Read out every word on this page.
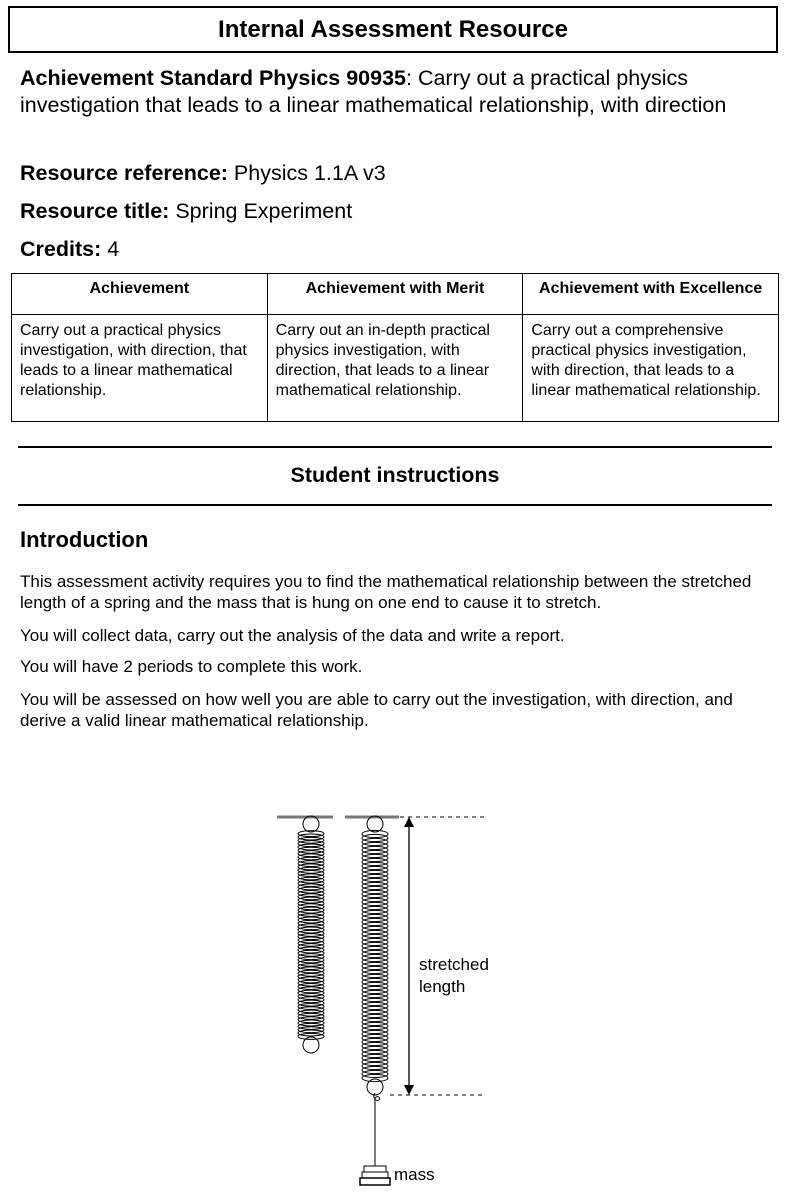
Internal Assessment Resource
Achievement Standard Physics 90935: Carry out a practical physics investigation that leads to a linear mathematical relationship, with direction
Resource reference: Physics 1.1A v3
Resource title: Spring Experiment
Credits: 4
Achievement	Achievement with Merit	Achievement with Excellence
Carry out a practical physics investigation, with direction, that leads to a linear mathematical relationship.	Carry out an in-depth practical physics investigation, with direction, that leads to a linear mathematical relationship.	Carry out a comprehensive practical physics investigation, with direction, that leads to a linear mathematical relationship.
Student instructions
Introduction

This assessment activity requires you to find the mathematical relationship between the stretched length of a spring and the mass that is hung on one end to cause it to stretch.

You will collect data, carry out the analysis of the data and write a report.

You will have 2 periods to complete this work.

You will be assessed on how well you are able to carry out the investigation, with direction, and derive a valid linear mathematical relationship.

stretched
length
mass
